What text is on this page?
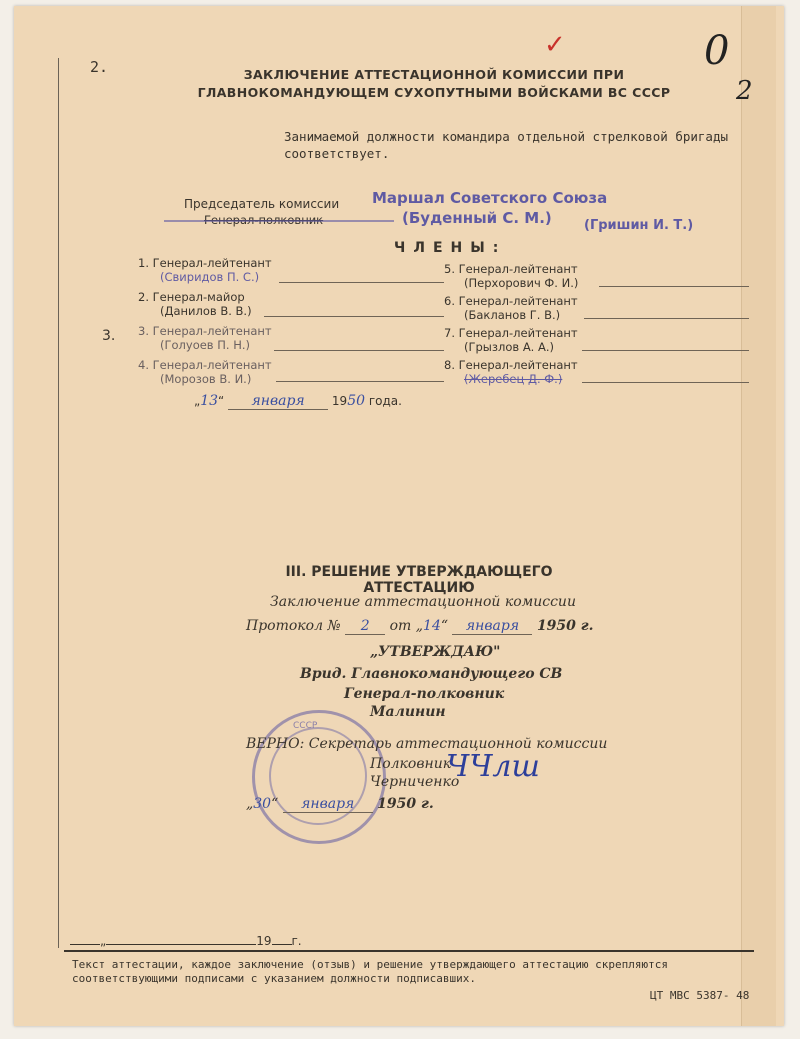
2.
✓	0
2
ЗАКЛЮЧЕНИЕ АТТЕСТАЦИОННОЙ КОМИССИИ ПРИ ГЛАВНОКОМАНДУЮЩЕМ СУХОПУТНЫМИ ВОЙСКАМИ ВС СССР
Занимаемой должности командира отдельной стрелковой бригады соответствует.
Председатель комиссии Маршал Советского Союза
(Буденный С. М.)	(Гришин И. Т.)
ЧЛЕНЫ:
1. Генерал-лейтенант
(Свиридов П. С.)
2. Генерал-майор
(Данилов В. В.)
3. Генерал-лейтенант
(Голуоев П. Н.)
4. Генерал-лейтенант
(Морозов В. И.)
5. Генерал-лейтенант
(Перхорович Ф. И.)
6. Генерал-лейтенант
(Бакланов Г. В.)
7. Генерал-лейтенант
(Грызлов А. А.)
8. Генерал-лейтенант
(Жеребец Д. Ф.)
3.
„13“ января 1950 года.
III. РЕШЕНИЕ УТВЕРЖДАЮЩЕГО АТТЕСТАЦИЮ
Заключение аттестационной комиссии
Протокол № 2 от „14“ января 1950 г.
„УТВЕРЖДАЮ"
Врид. Главнокомандующего СВ
Генерал-полковник
Малинин
СССР
ВЕРНО: Секретарь аттестационной комиссии
Полковник
Черниченко
ЧЧлш
„30“ января 1950 г.
„	19 г.
Текст аттестации, каждое заключение (отзыв) и решение утверждающего аттестацию скрепляются соответствующими подписами с указанием должности подписавших.
ЦТ МВС 5387- 48
